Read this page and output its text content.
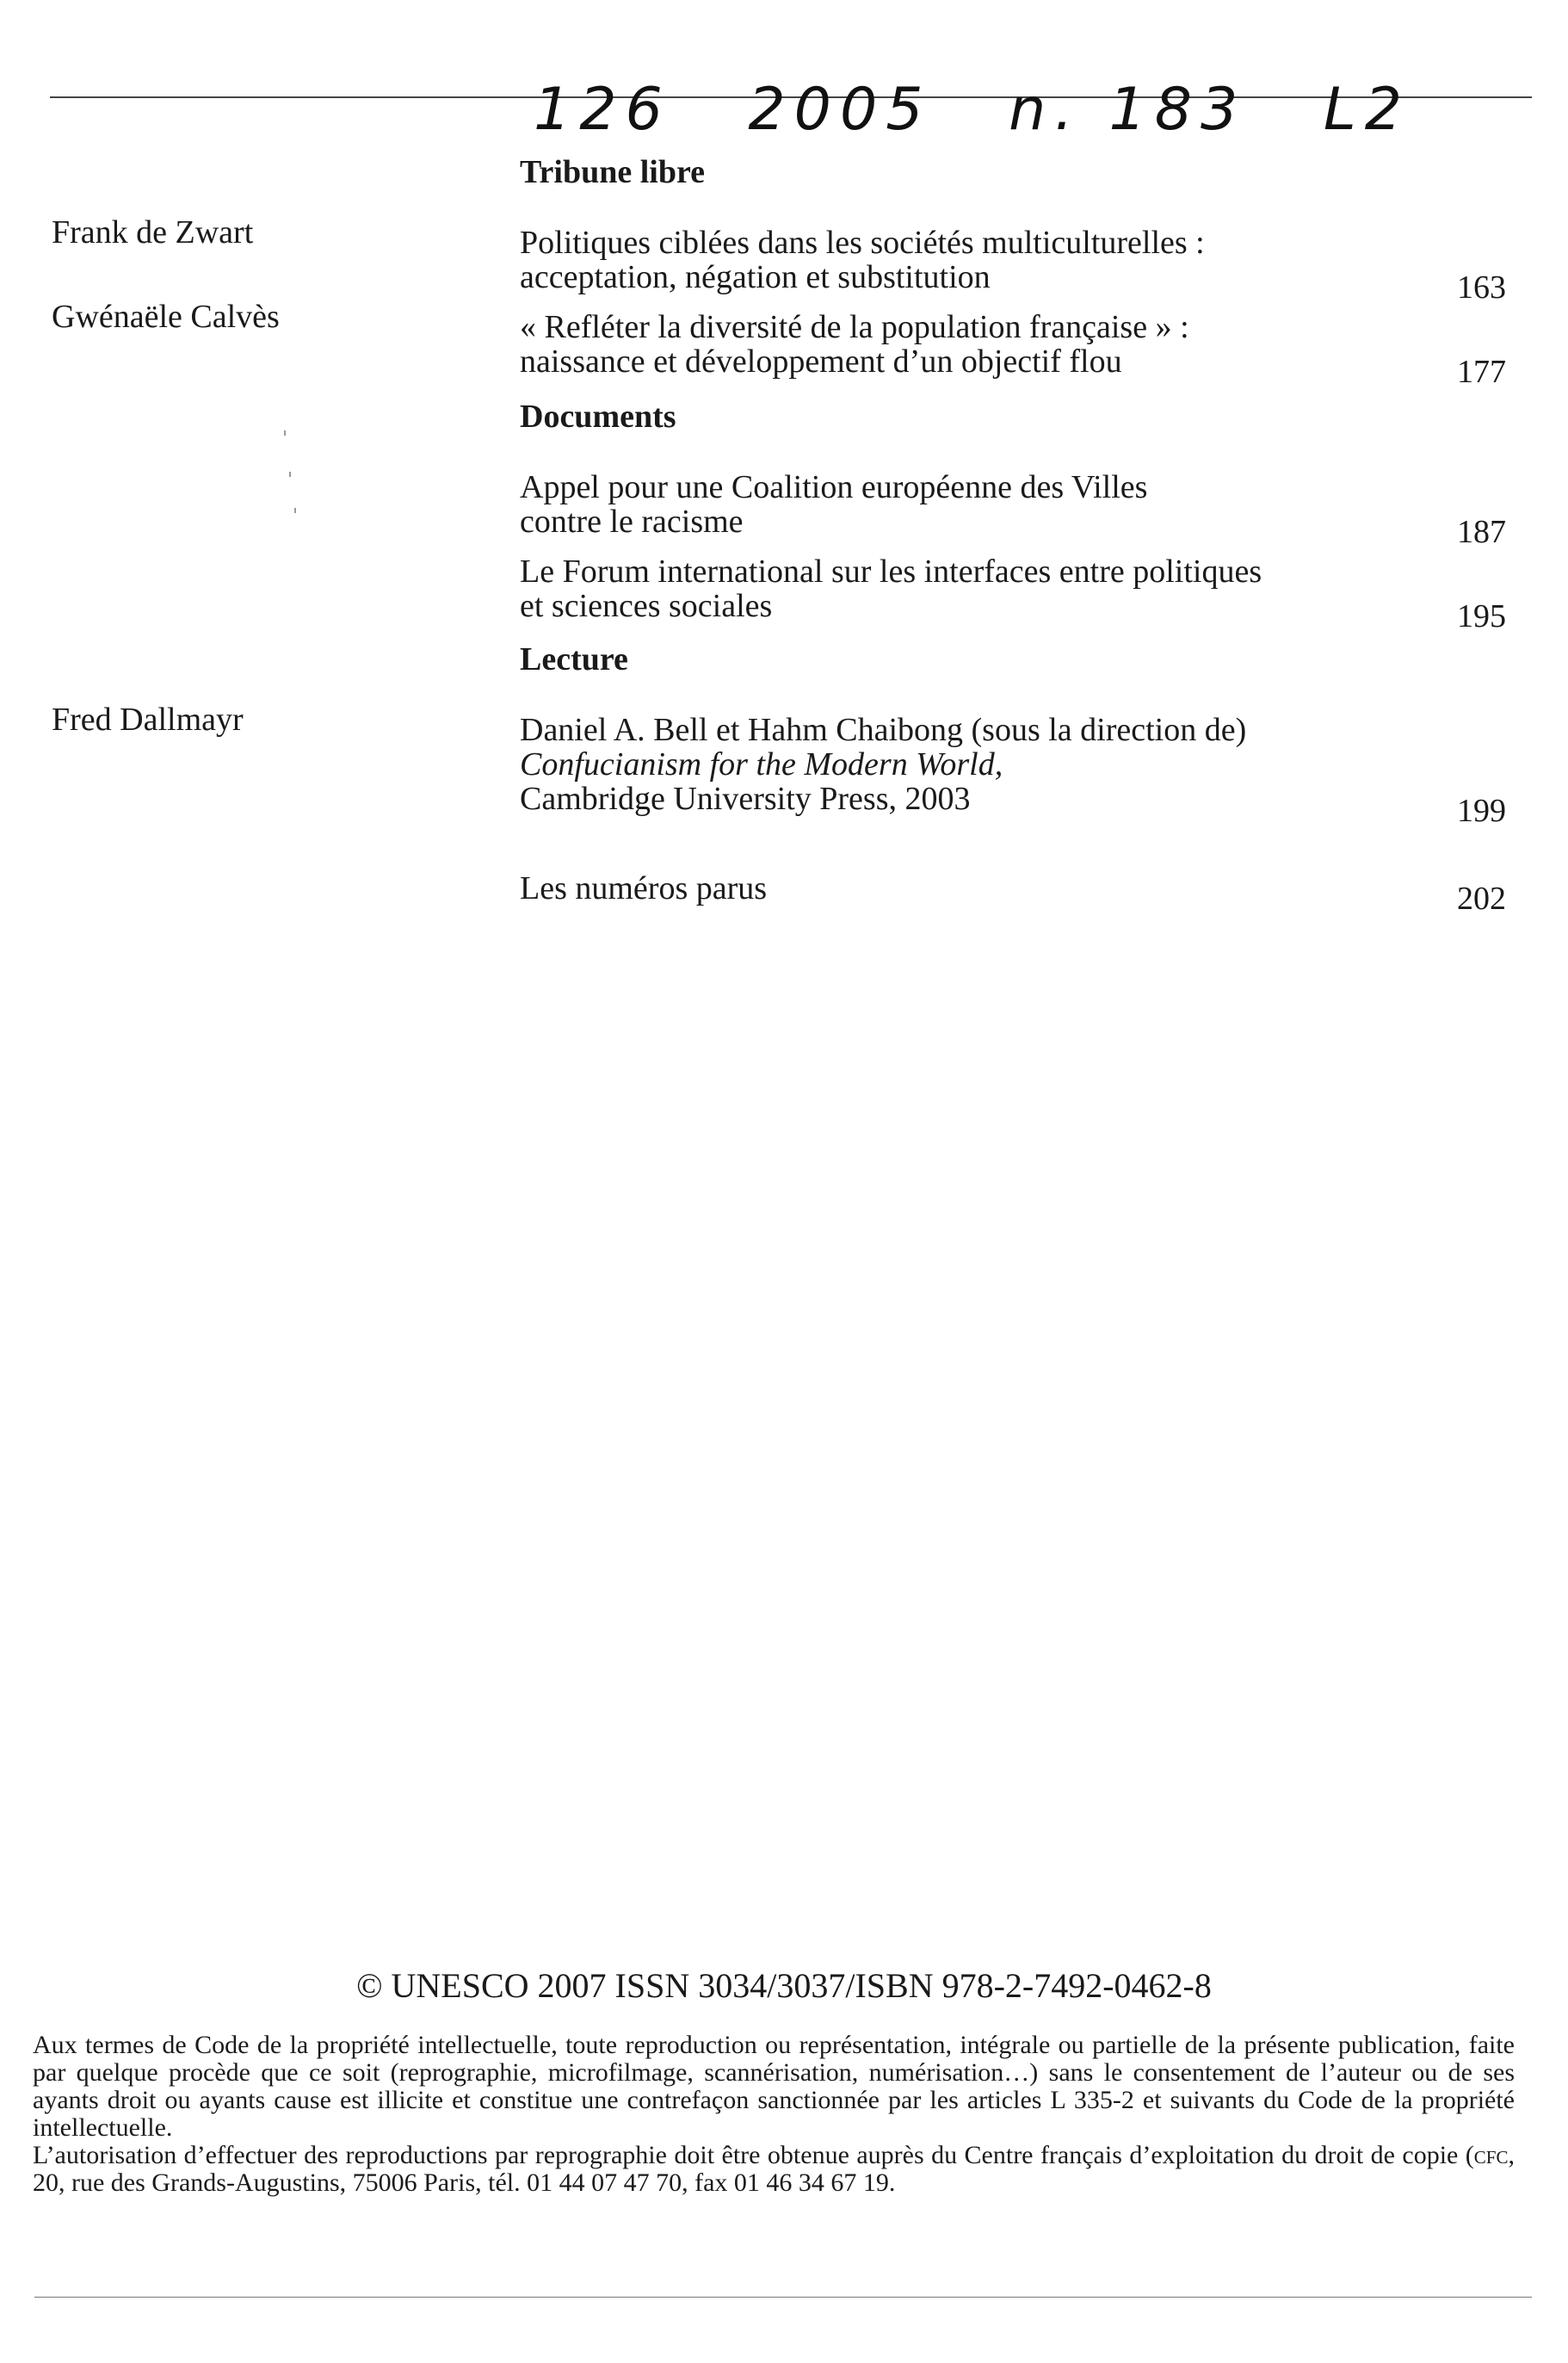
126 2005 n. 183 L2
Tribune libre
Frank de Zwart	Politiques ciblées dans les sociétés multiculturelles :
acceptation, négation et substitution	163
Gwénaële Calvès	« Refléter la diversité de la population française » :
naissance et développement d’un objectif flou	177
Documents
Appel pour une Coalition européenne des Villes
contre le racisme	187
Le Forum international sur les interfaces entre politiques
et sciences sociales	195
Lecture
Fred Dallmayr	Daniel A. Bell et Hahm Chaibong (sous la direction de)
Confucianism for the Modern World,
Cambridge University Press, 2003	199
Les numéros parus	202
© UNESCO 2007 ISSN 3034/3037/ISBN 978-2-7492-0462-8

Aux termes de Code de la propriété intellectuelle, toute reproduction ou représentation, intégrale ou partielle de la présente publication, faite par quelque procède que ce soit (reprographie, microfilmage, scannérisation, numérisation…) sans le consentement de l’auteur ou de ses ayants droit ou ayants cause est illicite et constitue une contrefaçon sanctionnée par les articles L 335-2 et suivants du Code de la propriété intellectuelle.

L’autorisation d’effectuer des reproductions par reprographie doit être obtenue auprès du Centre français d’exploitation du droit de copie (cfc, 20, rue des Grands-Augustins, 75006 Paris, tél. 01 44 07 47 70, fax 01 46 34 67 19.
